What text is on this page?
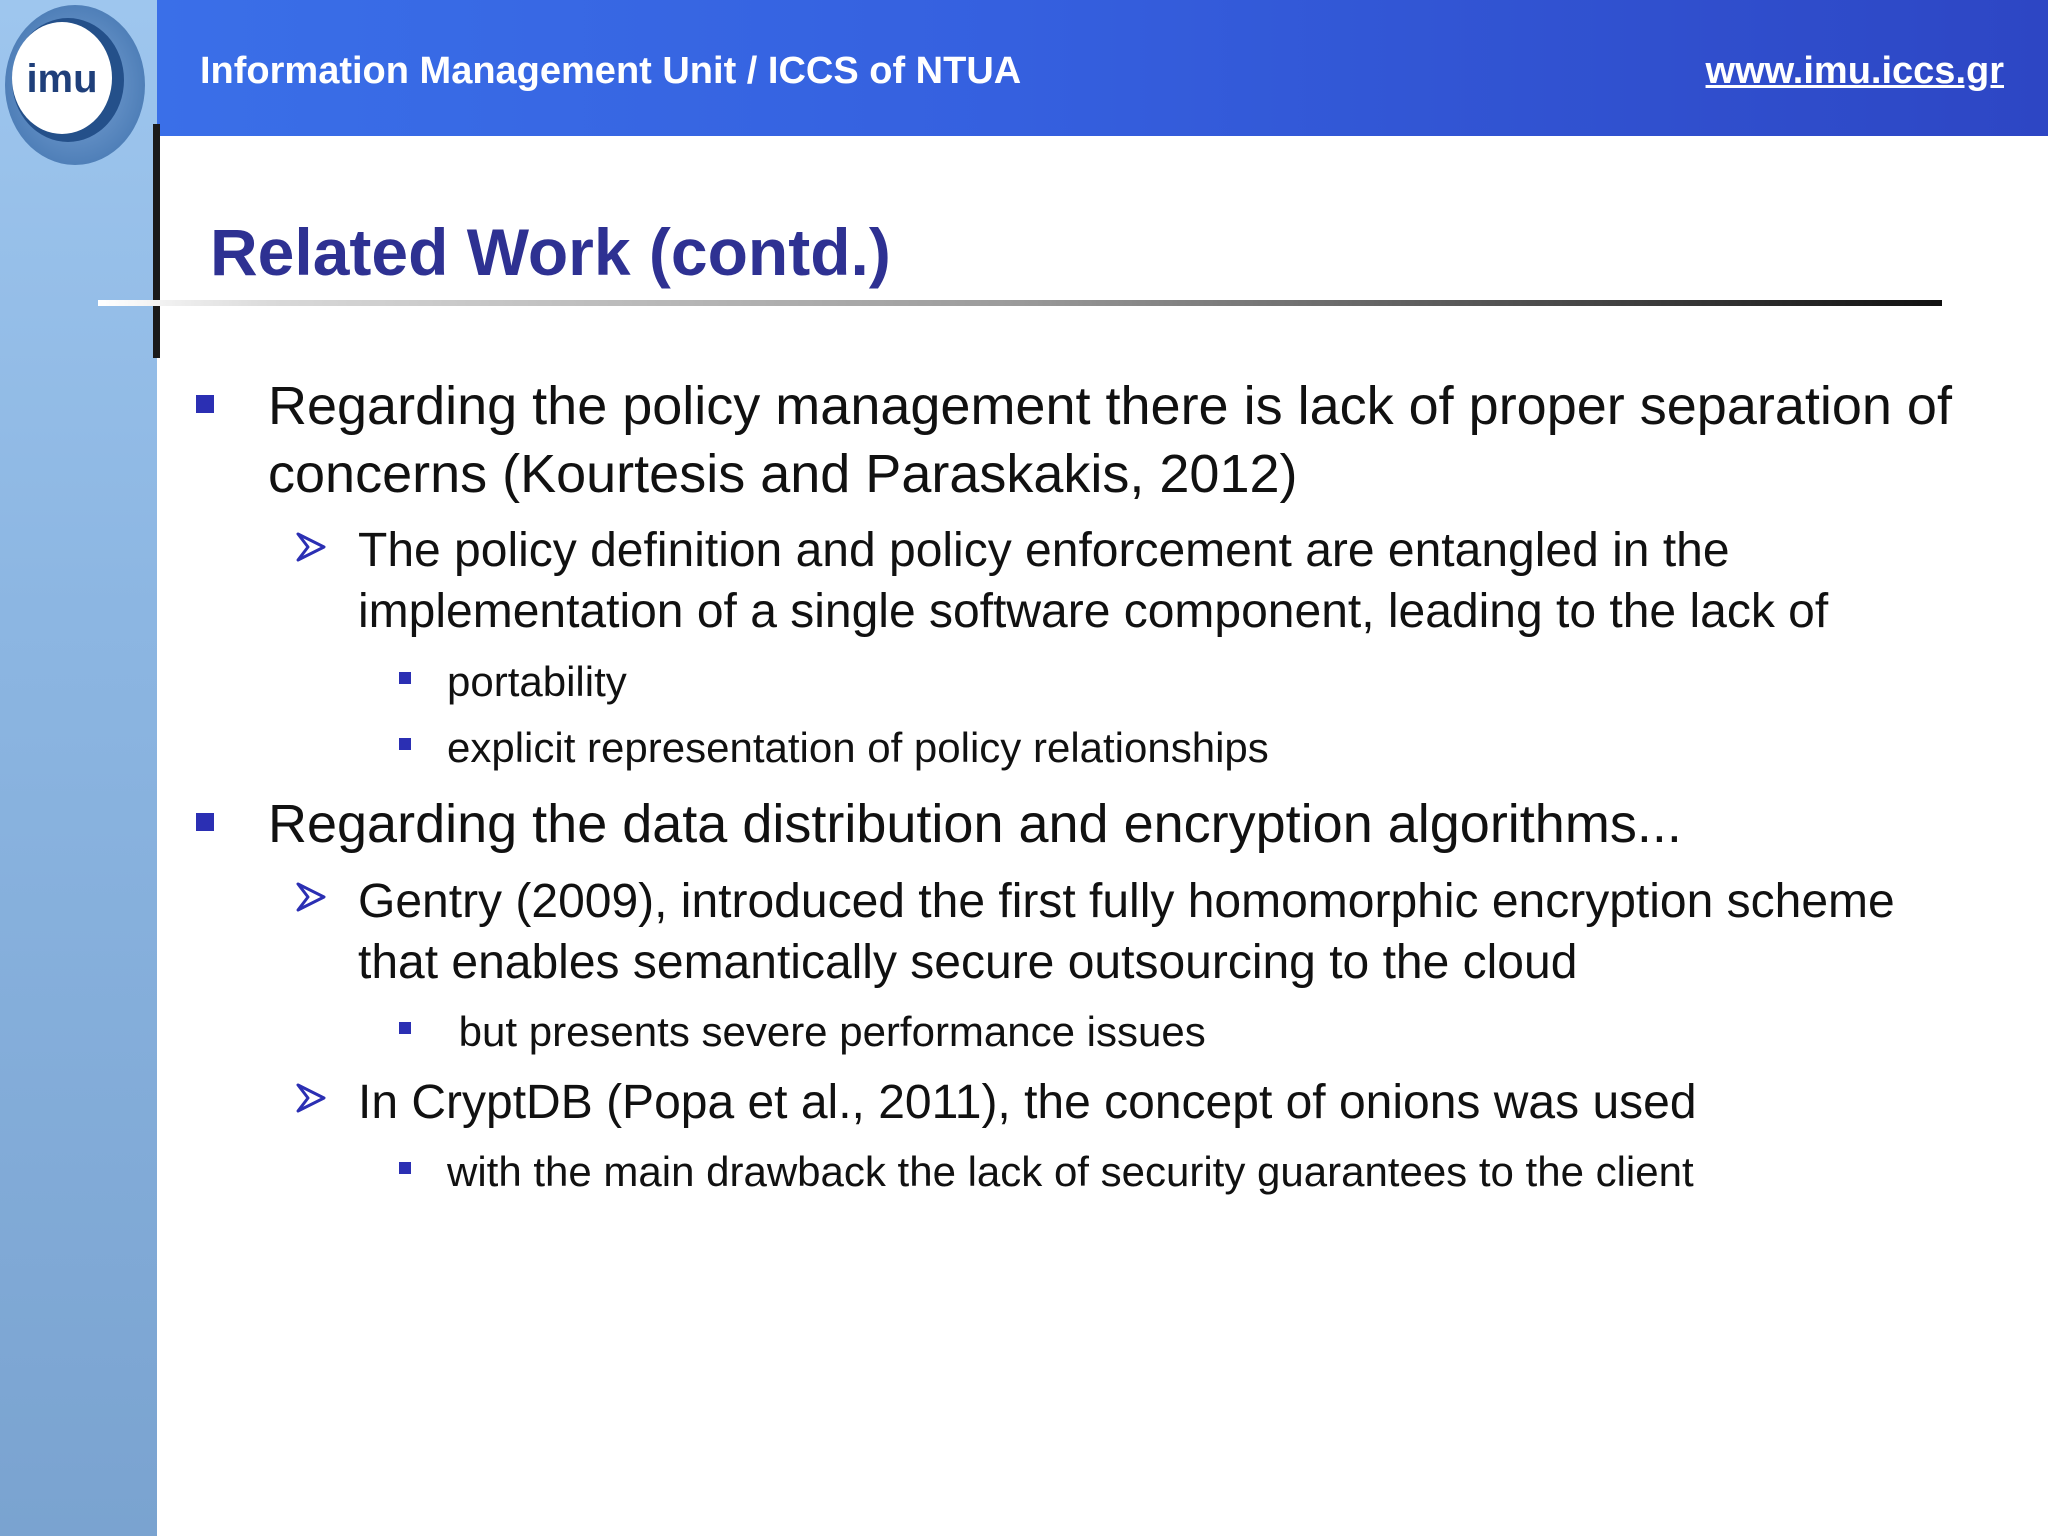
imu	Information Management Unit / ICCS of NTUA	www.imu.iccs.gr
Related Work (contd.)
Regarding the policy management there is lack of proper separation of concerns (Kourtesis and Paraskakis, 2012)
The policy definition and policy enforcement are entangled in the implementation of a single software component, leading to the lack of
portability
explicit representation of policy relationships
Regarding the data distribution and encryption algorithms...
Gentry (2009), introduced the first fully homomorphic encryption scheme that enables semantically secure outsourcing to the cloud
but presents severe performance issues
In CryptDB (Popa et al., 2011), the concept of onions was used
with the main drawback the lack of security guarantees to the client
